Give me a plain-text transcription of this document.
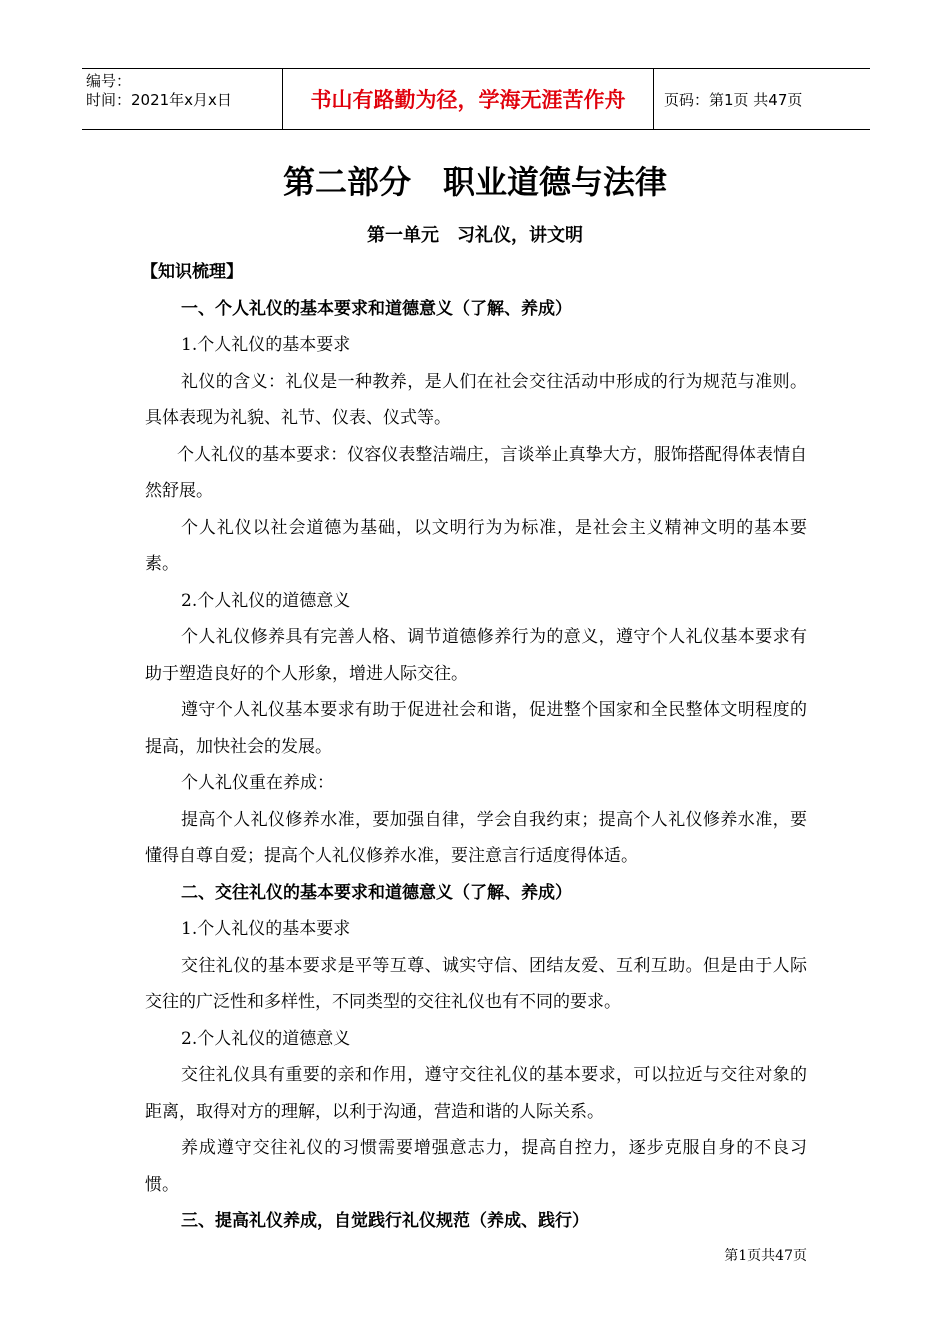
编号：
时间：2021年x月x日	书山有路勤为径，学海无涯苦作舟	页码：第1页 共47页
第二部分　职业道德与法律
第一单元　习礼仪，讲文明

【知识梳理】

一、个人礼仪的基本要求和道德意义（了解、养成）

1.个人礼仪的基本要求

礼仪的含义：礼仪是一种教养，是人们在社会交往活动中形成的行为规范与准则。具体表现为礼貌、礼节、仪表、仪式等。

个人礼仪的基本要求：仪容仪表整洁端庄，言谈举止真挚大方，服饰搭配得体表情自然舒展。

个人礼仪以社会道德为基础，以文明行为为标准，是社会主义精神文明的基本要素。

2.个人礼仪的道德意义

个人礼仪修养具有完善人格、调节道德修养行为的意义，遵守个人礼仪基本要求有助于塑造良好的个人形象，增进人际交往。

遵守个人礼仪基本要求有助于促进社会和谐，促进整个国家和全民整体文明程度的提高，加快社会的发展。

个人礼仪重在养成：

提高个人礼仪修养水准，要加强自律，学会自我约束；提高个人礼仪修养水准，要懂得自尊自爱；提高个人礼仪修养水准，要注意言行适度得体适。

二、交往礼仪的基本要求和道德意义（了解、养成）

1.个人礼仪的基本要求

交往礼仪的基本要求是平等互尊、诚实守信、团结友爱、互利互助。但是由于人际交往的广泛性和多样性，不同类型的交往礼仪也有不同的要求。

2.个人礼仪的道德意义

交往礼仪具有重要的亲和作用，遵守交往礼仪的基本要求，可以拉近与交往对象的距离，取得对方的理解，以利于沟通，营造和谐的人际关系。

养成遵守交往礼仪的习惯需要增强意志力，提高自控力，逐步克服自身的不良习惯。

三、提高礼仪养成，自觉践行礼仪规范（养成、践行）

第1页共47页
